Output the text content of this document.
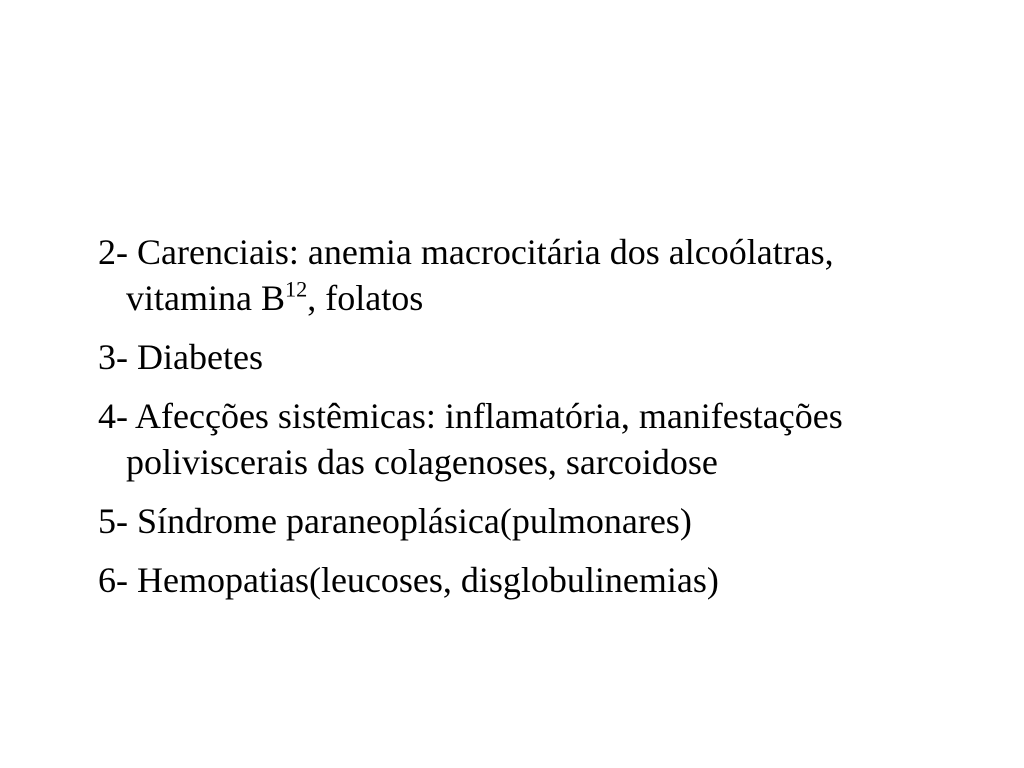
2- Carenciais: anemia macrocitária dos alcoólatras, vitamina $B^{12}$, folatos
3- Diabetes
4- Afecções sistêmicas: inflamatória, manifestações poliviscerais das colagenoses, sarcoidose
5- Síndrome paraneoplásica(pulmonares)
6- Hemopatias(leucoses, disglobulinemias)
